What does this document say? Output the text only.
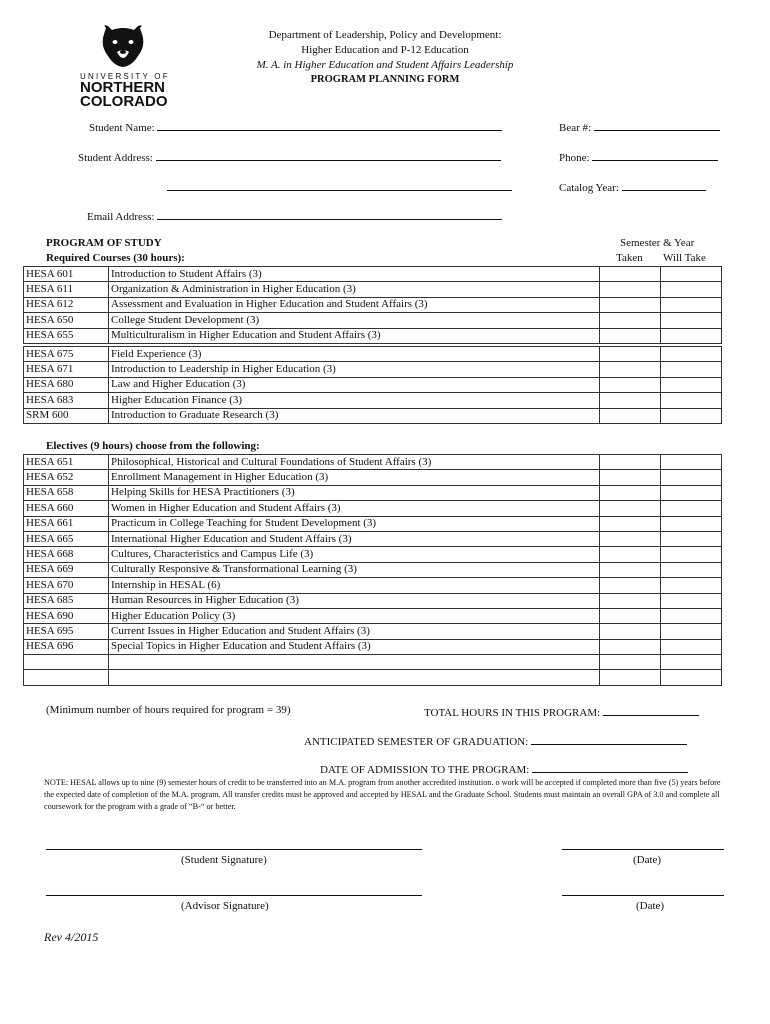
UNIVERSITY OF
NORTHERN
COLORADO
Department of Leadership, Policy and Development:
Higher Education and P-12 Education
M. A. in Higher Education and Student Affairs Leadership
PROGRAM PLANNING FORM
Student Name:	Bear #:
Student Address:	Phone:
Catalog Year:
Email Address:
PROGRAM OF STUDY
Required Courses (30 hours):
Semester & Year
Taken Will Take
HESA 601	Introduction to Student Affairs (3)		
HESA 611	Organization & Administration in Higher Education (3)		
HESA 612	Assessment and Evaluation in Higher Education and Student Affairs (3)		
HESA 650	College Student Development (3)		
HESA 655	Multiculturalism in Higher Education and Student Affairs (3)		
HESA 675	Field Experience (3)		
HESA 671	Introduction to Leadership in Higher Education (3)		
HESA 680	Law and Higher Education (3)		
HESA 683	Higher Education Finance (3)		
SRM 600	Introduction to Graduate Research (3)		
Electives (9 hours) choose from the following:
HESA 651	Philosophical, Historical and Cultural Foundations of Student Affairs (3)		
HESA 652	Enrollment Management in Higher Education (3)		
HESA 658	Helping Skills for HESA Practitioners (3)		
HESA 660	Women in Higher Education and Student Affairs (3)		
HESA 661	Practicum in College Teaching for Student Development (3)		
HESA 665	International Higher Education and Student Affairs (3)		
HESA 668	Cultures, Characteristics and Campus Life (3)		
HESA 669	Culturally Responsive & Transformational Learning (3)		
HESA 670	Internship in HESAL (6)		
HESA 685	Human Resources in Higher Education (3)		
HESA 690	Higher Education Policy (3)		
HESA 695	Current Issues in Higher Education and Student Affairs (3)		
HESA 696	Special Topics in Higher Education and Student Affairs (3)		

(Minimum number of hours required for program = 39)	TOTAL HOURS IN THIS PROGRAM:
ANTICIPATED SEMESTER OF GRADUATION:
DATE OF ADMISSION TO THE PROGRAM:
NOTE: HESAL allows up to nine (9) semester hours of credit to be transferred into an M.A. program from another accredited institution. o work will be accepted if completed more than five (5) years before the expected date of completion of the M.A. program. All transfer credits must be approved and accepted by HESAL and the Graduate School. Students must maintain an overall GPA of 3.0 and complete all coursework for the program with a grade of “B-“ or better.
(Student Signature)	(Date)
(Advisor Signature)	(Date)
Rev 4/2015
